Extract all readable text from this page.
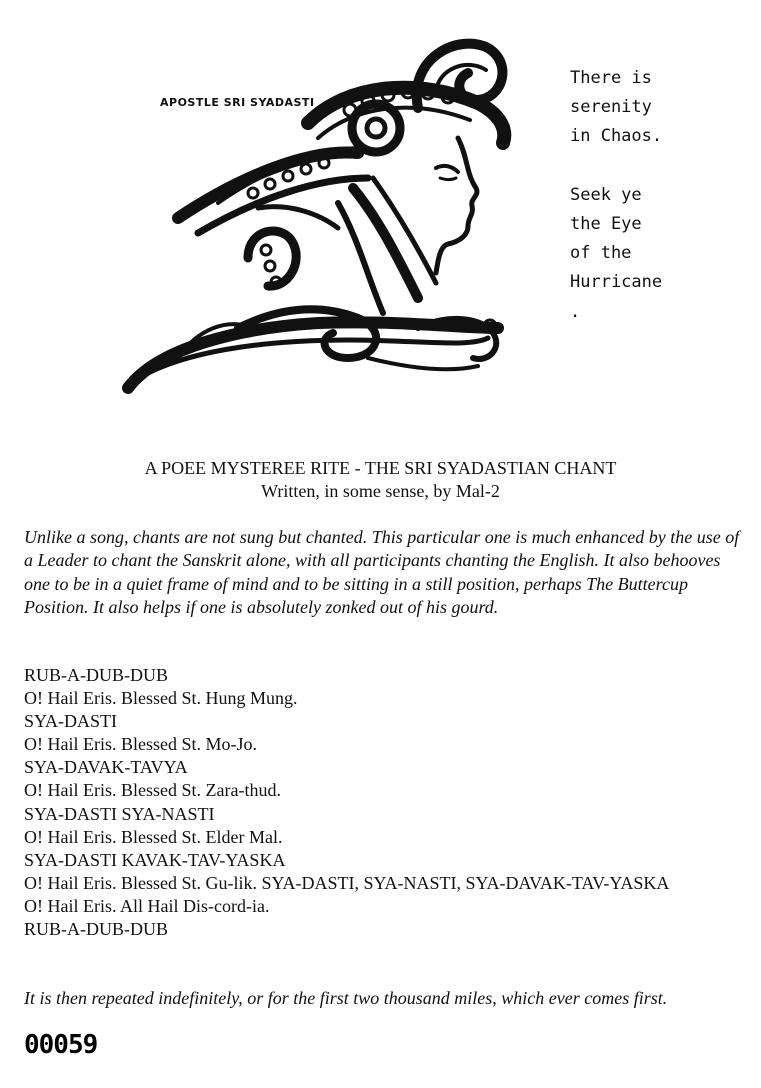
APOSTLE SRI SYADASTI
There is
serenity
in Chaos.

Seek ye
the Eye
of the
Hurricane
.
A POEE MYSTEREE RITE - THE SRI SYADASTIAN CHANT
Written, in some sense, by Mal-2
Unlike a song, chants are not sung but chanted. This particular one is much enhanced by the use of a Leader to chant the Sanskrit alone, with all participants chanting the English. It also behooves one to be in a quiet frame of mind and to be sitting in a still position, perhaps The Buttercup Position. It also helps if one is absolutely zonked out of his gourd.
RUB-A-DUB-DUB
O! Hail Eris. Blessed St. Hung Mung.
SYA-DASTI
O! Hail Eris. Blessed St. Mo-Jo.
SYA-DAVAK-TAVYA
O! Hail Eris. Blessed St. Zara-thud.
SYA-DASTI SYA-NASTI
O! Hail Eris. Blessed St. Elder Mal.
SYA-DASTI KAVAK-TAV-YASKA
O! Hail Eris. Blessed St. Gu-lik. SYA-DASTI, SYA-NASTI, SYA-DAVAK-TAV-YASKA
O! Hail Eris. All Hail Dis-cord-ia.
RUB-A-DUB-DUB
It is then repeated indefinitely, or for the first two thousand miles, which ever comes first.
00059
